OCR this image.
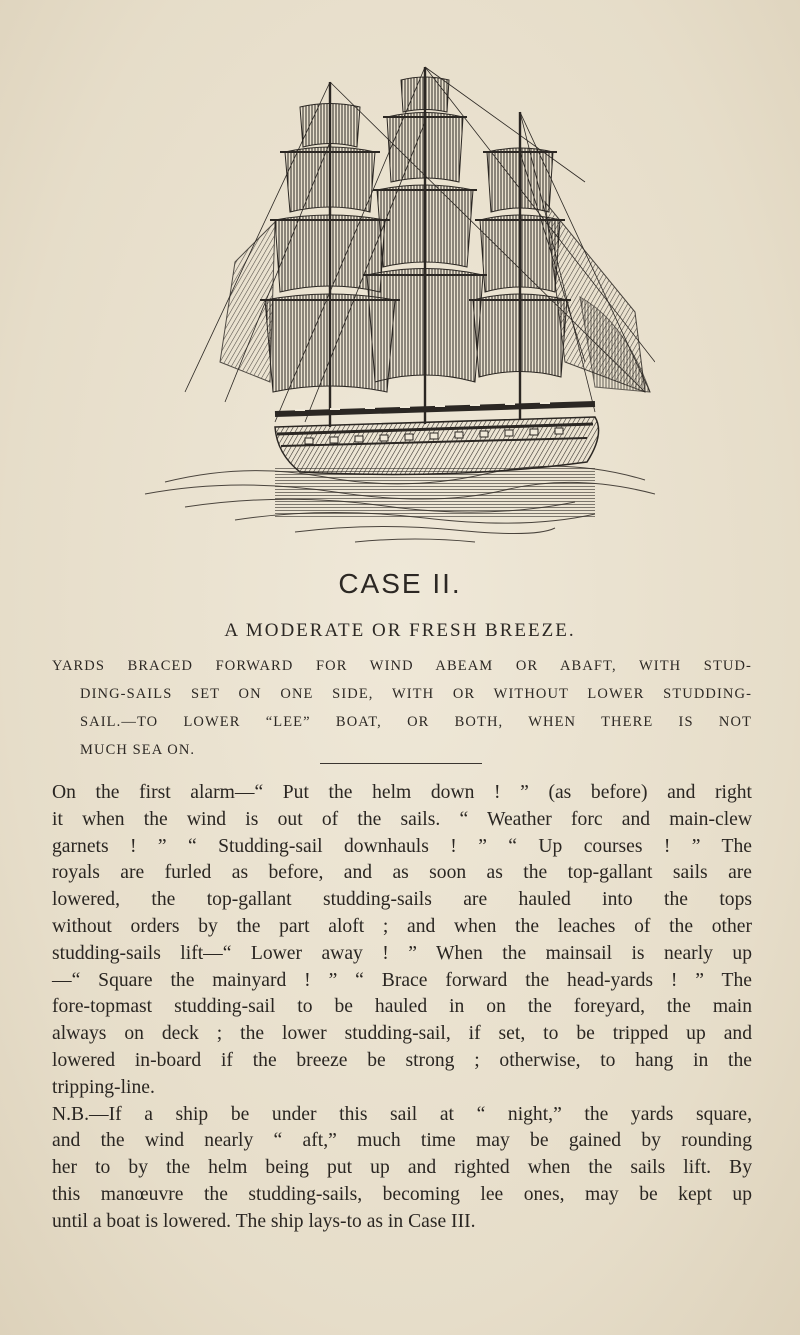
CASE II.
A MODERATE OR FRESH BREEZE.
YARDS BRACED FORWARD FOR WIND ABEAM OR ABAFT, WITH STUD-
DING-SAILS SET ON ONE SIDE, WITH OR WITHOUT LOWER STUDDING-
SAIL.—TO LOWER “LEE” BOAT, OR BOTH, WHEN THERE IS NOT
MUCH SEA ON.

On the first alarm—“ Put the helm down ! ” (as before) and right
it when the wind is out of the sails. “ Weather forc and main-clew
garnets ! ” “ Studding-sail downhauls ! ” “ Up courses ! ” The
royals are furled as before, and as soon as the top-gallant sails are
lowered, the top-gallant studding-sails are hauled into the tops
without orders by the part aloft ; and when the leaches of the other
studding-sails lift—“ Lower away ! ” When the mainsail is nearly up
—“ Square the mainyard ! ” “ Brace forward the head-yards ! ” The
fore-topmast studding-sail to be hauled in on the foreyard, the main
always on deck ; the lower studding-sail, if set, to be tripped up and
lowered in-board if the breeze be strong ; otherwise, to hang in the
tripping-line.

N.B.—If a ship be under this sail at “ night,” the yards square,
and the wind nearly “ aft,” much time may be gained by rounding
her to by the helm being put up and righted when the sails lift. By
this manœuvre the studding-sails, becoming lee ones, may be kept up
until a boat is lowered. The ship lays-to as in Case III.
